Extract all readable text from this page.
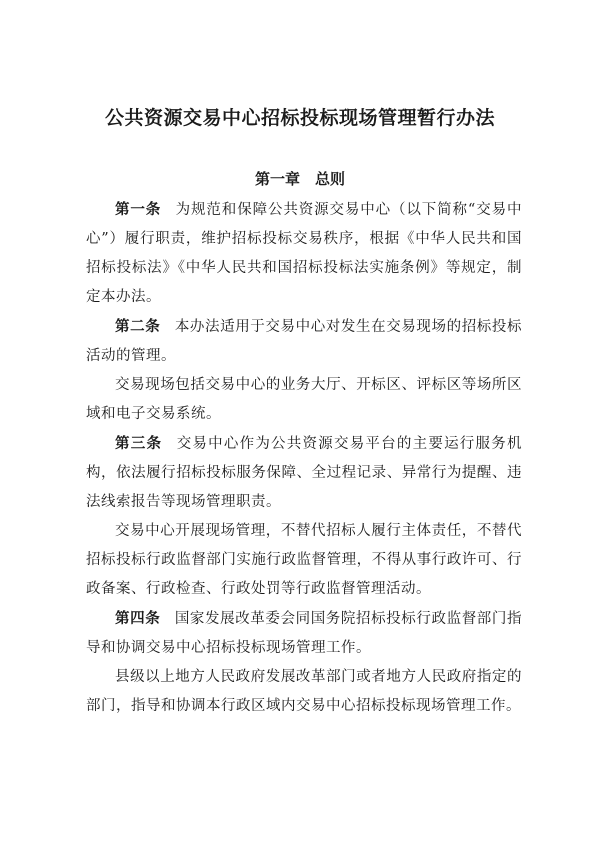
公共资源交易中心招标投标现场管理暂行办法
第一章　总则

第一条 为规范和保障公共资源交易中心（以下简称“交易中心”）履行职责，维护招标投标交易秩序，根据《中华人民共和国招标投标法》《中华人民共和国招标投标法实施条例》等规定，制定本办法。

第二条 本办法适用于交易中心对发生在交易现场的招标投标活动的管理。

交易现场包括交易中心的业务大厅、开标区、评标区等场所区域和电子交易系统。

第三条 交易中心作为公共资源交易平台的主要运行服务机构，依法履行招标投标服务保障、全过程记录、异常行为提醒、违法线索报告等现场管理职责。

交易中心开展现场管理，不替代招标人履行主体责任，不替代招标投标行政监督部门实施行政监督管理，不得从事行政许可、行政备案、行政检查、行政处罚等行政监督管理活动。

第四条 国家发展改革委会同国务院招标投标行政监督部门指导和协调交易中心招标投标现场管理工作。

县级以上地方人民政府发展改革部门或者地方人民政府指定的部门，指导和协调本行政区域内交易中心招标投标现场管理工作。
